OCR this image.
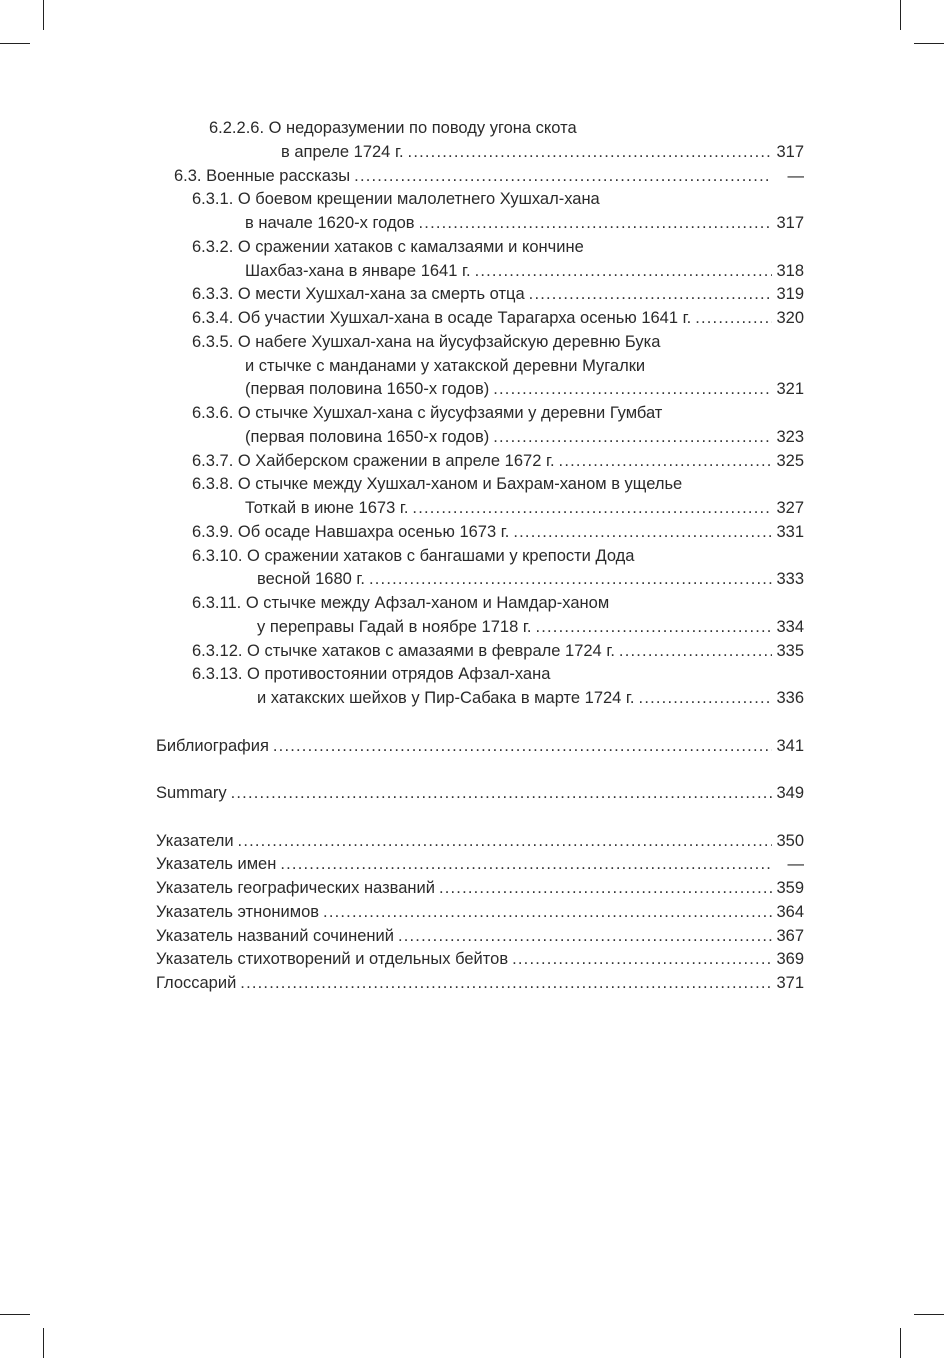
6.2.2.6. О недоразумении по поводу угона скота
в апреле 1724 г. .....	317
6.3. Военные рассказы .....	—
6.3.1. О боевом крещении малолетнего Хушхал-хана
в начале 1620-х годов .....	317
6.3.2. О сражении хатаков с камалзаями и кончине
Шахбаз-хана в январе 1641 г. .....	318
6.3.3. О мести Хушхал-хана за смерть отца .....	319
6.3.4. Об участии Хушхал-хана в осаде Тарагарха осенью 1641 г. .....	320
6.3.5. О набеге Хушхал-хана на йусуфзайскую деревню Бука
и стычке с манданами у хатакской деревни Мугалки
(первая половина 1650-х годов) .....	321
6.3.6. О стычке Хушхал-хана с йусуфзаями у деревни Гумбат
(первая половина 1650-х годов) .....	323
6.3.7. О Хайберском сражении в апреле 1672 г. .....	325
6.3.8. О стычке между Хушхал-ханом и Бахрам-ханом в ущелье
Тоткай в июне 1673 г. .....	327
6.3.9. Об осаде Навшахра осенью 1673 г. .....	331
6.3.10. О сражении хатаков с бангашами у крепости Дода
весной 1680 г. .....	333
6.3.11. О стычке между Афзал-ханом и Намдар-ханом
у переправы Гадай в ноябре 1718 г. .....	334
6.3.12. О стычке хатаков с амазаями в феврале 1724 г. .....	335
6.3.13. О противостоянии отрядов Афзал-хана
и хатакских шейхов у Пир-Сабака в марте 1724 г. .....	336
Библиография .....	341
Summary .....	349
Указатели .....	350
Указатель имен .....	—
Указатель географических названий .....	359
Указатель этнонимов .....	364
Указатель названий сочинений .....	367
Указатель стихотворений и отдельных бейтов .....	369
Глоссарий .....	371
